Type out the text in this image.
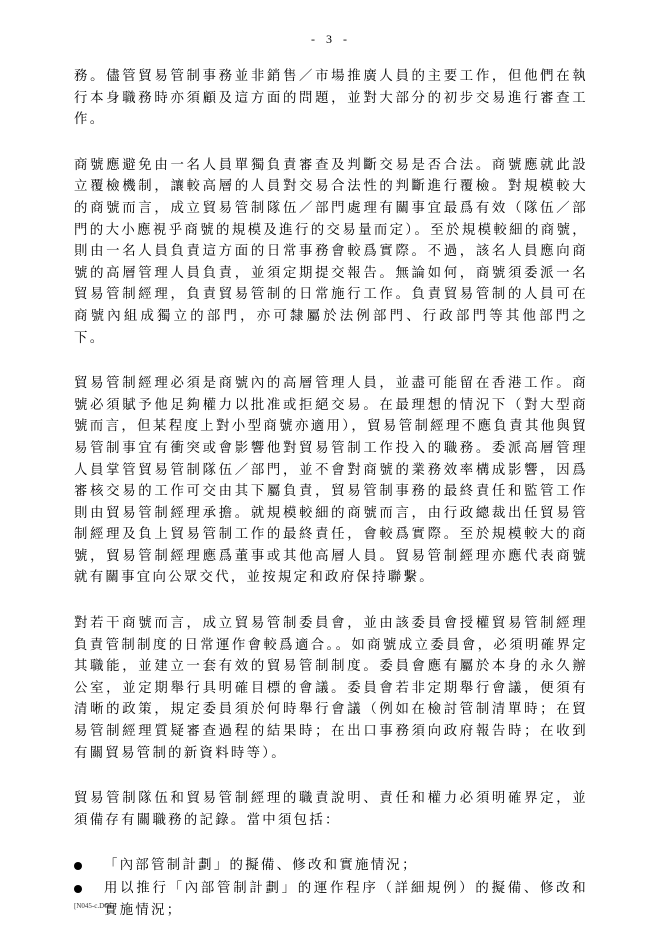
- 3 -

務。儘管貿易管制事務並非銷售／市場推廣人員的主要工作，但他們在執行本身職務時亦須顧及這方面的問題，並對大部分的初步交易進行審查工作。

商號應避免由一名人員單獨負責審查及判斷交易是否合法。商號應就此設立覆檢機制，讓較高層的人員對交易合法性的判斷進行覆檢。對規模較大的商號而言，成立貿易管制隊伍／部門處理有關事宜最爲有效（隊伍／部門的大小應視乎商號的規模及進行的交易量而定）。至於規模較細的商號，則由一名人員負責這方面的日常事務會較爲實際。不過，該名人員應向商號的高層管理人員負責，並須定期提交報告。無論如何，商號須委派一名貿易管制經理，負責貿易管制的日常施行工作。負責貿易管制的人員可在商號內組成獨立的部門，亦可隸屬於法例部門、行政部門等其他部門之下。

貿易管制經理必須是商號內的高層管理人員，並盡可能留在香港工作。商號必須賦予他足夠權力以批准或拒絕交易。在最理想的情況下（對大型商號而言，但某程度上對小型商號亦適用），貿易管制經理不應負責其他與貿易管制事宜有衝突或會影響他對貿易管制工作投入的職務。委派高層管理人員掌管貿易管制隊伍／部門，並不會對商號的業務效率構成影響，因爲審核交易的工作可交由其下屬負責，貿易管制事務的最終責任和監管工作則由貿易管制經理承擔。就規模較細的商號而言，由行政總裁出任貿易管制經理及負上貿易管制工作的最終責任，會較爲實際。至於規模較大的商號，貿易管制經理應爲董事或其他高層人員。貿易管制經理亦應代表商號就有關事宜向公眾交代，並按規定和政府保持聯繫。

對若干商號而言，成立貿易管制委員會，並由該委員會授權貿易管制經理負責管制制度的日常運作會較爲適合。。如商號成立委員會，必須明確界定其職能，並建立一套有效的貿易管制制度。委員會應有屬於本身的永久辦公室，並定期舉行具明確目標的會議。委員會若非定期舉行會議，便須有清晰的政策，規定委員須於何時舉行會議（例如在檢討管制清單時；在貿易管制經理質疑審查過程的結果時；在出口事務須向政府報告時；在收到有關貿易管制的新資料時等）。

貿易管制隊伍和貿易管制經理的職責說明、責任和權力必須明確界定，並須備存有關職務的記錄。當中須包括：

「內部管制計劃」的擬備、修改和實施情況；
用以推行「內部管制計劃」的運作程序（詳細規例）的擬備、修改和實施情況；
[N045-c.DOC]
